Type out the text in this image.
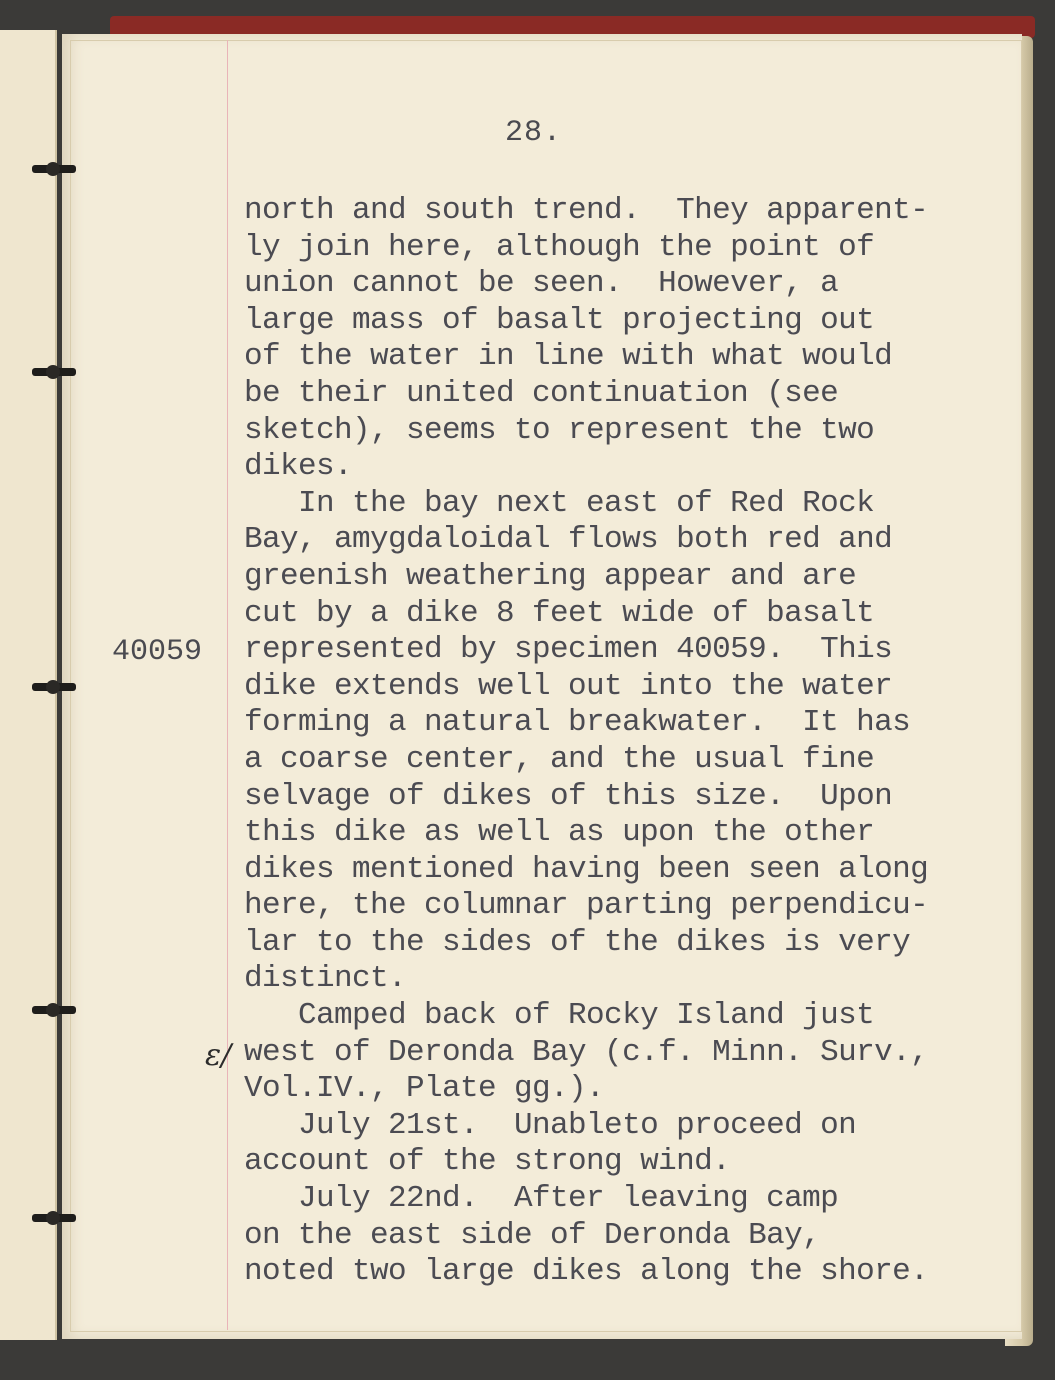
28.
40059
ε/
north and south trend.  They apparent-
ly join here, although the point of
union cannot be seen.  However, a
large mass of basalt projecting out
of the water in line with what would
be their united continuation (see
sketch), seems to represent the two
dikes.
In the bay next east of Red Rock
Bay, amygdaloidal flows both red and
greenish weathering appear and are
cut by a dike 8 feet wide of basalt
represented by specimen 40059.  This
dike extends well out into the water
forming a natural breakwater.  It has
a coarse center, and the usual fine
selvage of dikes of this size.  Upon
this dike as well as upon the other
dikes mentioned having been seen along
here, the columnar parting perpendicu-
lar to the sides of the dikes is very
distinct.
Camped back of Rocky Island just
west of Deronda Bay (c.f. Minn. Surv.,
Vol.IV., Plate gg.).
July 21st.  Unableto proceed on
account of the strong wind.
July 22nd.  After leaving camp
on the east side of Deronda Bay,
noted two large dikes along the shore.
